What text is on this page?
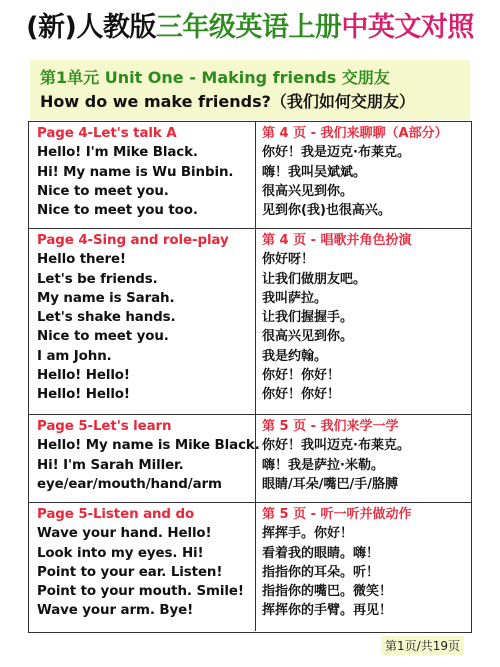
(新)人教版三年级英语上册中英文对照
第1单元 Unit One - Making friends 交朋友
How do we make friends?（我们如何交朋友）
Page 4-Let's talk A
Hello! I'm Mike Black.
Hi! My name is Wu Binbin.
Nice to meet you.
Nice to meet you too.
第 4 页 - 我们来聊聊（A部分）
你好！我是迈克·布莱克。
嗨！我叫吴斌斌。
很高兴见到你。
见到你(我)也很高兴。
Page 4-Sing and role-play
Hello there!
Let's be friends.
My name is Sarah.
Let's shake hands.
Nice to meet you.
I am John.
Hello! Hello!
Hello! Hello!
第 4 页 - 唱歌并角色扮演
你好呀！
让我们做朋友吧。
我叫萨拉。
让我们握握手。
很高兴见到你。
我是约翰。
你好！你好！
你好！你好！
Page 5-Let's learn
Hello! My name is Mike Black.
Hi! I'm Sarah Miller.
eye/ear/mouth/hand/arm
第 5 页 - 我们来学一学
你好！我叫迈克·布莱克。
嗨！我是萨拉·米勒。
眼睛/耳朵/嘴巴/手/胳膊
Page 5-Listen and do
Wave your hand. Hello!
Look into my eyes. Hi!
Point to your ear. Listen!
Point to your mouth. Smile!
Wave your arm. Bye!
第 5 页 - 听一听并做动作
挥挥手。你好！
看着我的眼睛。嗨！
指指你的耳朵。听！
指指你的嘴巴。微笑！
挥挥你的手臂。再见！
第1页/共19页
